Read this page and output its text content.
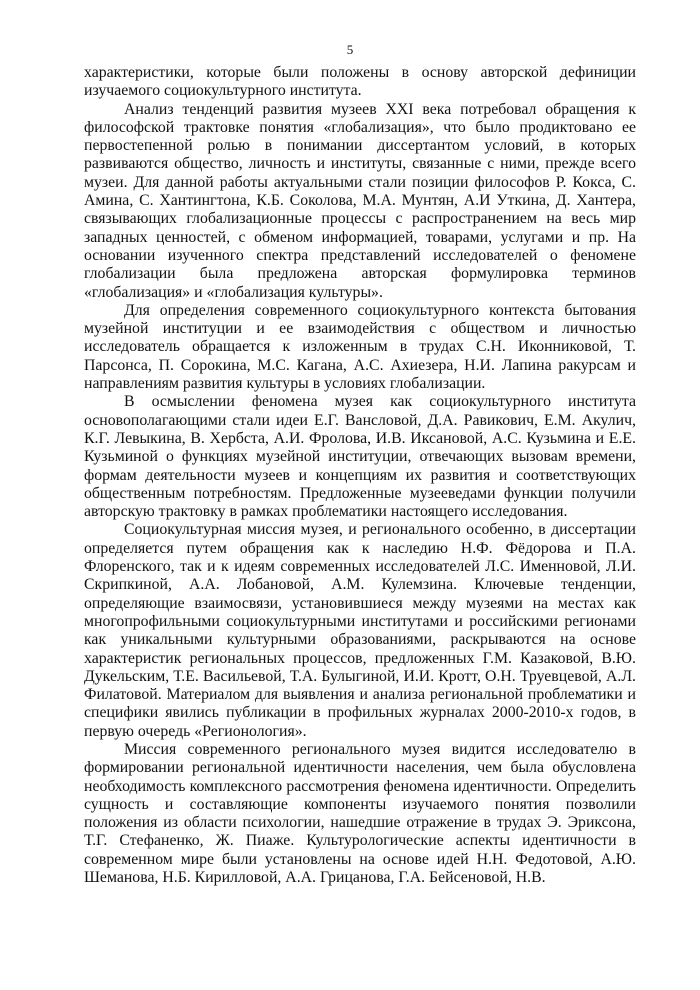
5

характеристики, которые были положены в основу авторской дефиниции изучаемого социокультурного института.

Анализ тенденций развития музеев XXI века потребовал обращения к философской трактовке понятия «глобализация», что было продиктовано ее первостепенной ролью в понимании диссертантом условий, в которых развиваются общество, личность и институты, связанные с ними, прежде всего музеи. Для данной работы актуальными стали позиции философов Р. Кокса, С. Амина, С. Хантингтона, К.Б. Соколова, М.А. Мунтян, А.И Уткина, Д. Хантера, связывающих глобализационные процессы с распространением на весь мир западных ценностей, с обменом информацией, товарами, услугами и пр. На основании изученного спектра представлений исследователей о феномене глобализации была предложена авторская формулировка терминов «глобализация» и «глобализация культуры».

Для определения современного социокультурного контекста бытования музейной институции и ее взаимодействия с обществом и личностью исследователь обращается к изложенным в трудах С.Н. Иконниковой, Т. Парсонса, П. Сорокина, М.С. Кагана, А.С. Ахиезера, Н.И. Лапина ракурсам и направлениям развития культуры в условиях глобализации.

В осмыслении феномена музея как социокультурного института основополагающими стали идеи Е.Г. Вансловой, Д.А. Равикович, Е.М. Акулич, К.Г. Левыкина, В. Хербста, А.И. Фролова, И.В. Иксановой, А.С. Кузьмина и Е.Е. Кузьминой о функциях музейной институции, отвечающих вызовам времени, формам деятельности музеев и концепциям их развития и соответствующих общественным потребностям. Предложенные музееведами функции получили авторскую трактовку в рамках проблематики настоящего исследования.

Социокультурная миссия музея, и регионального особенно, в диссертации определяется путем обращения как к наследию Н.Ф. Фёдорова и П.А. Флоренского, так и к идеям современных исследователей Л.С. Именновой, Л.И. Скрипкиной, А.А. Лобановой, А.М. Кулемзина. Ключевые тенденции, определяющие взаимосвязи, установившиеся между музеями на местах как многопрофильными социокультурными институтами и российскими регионами как уникальными культурными образованиями, раскрываются на основе характеристик региональных процессов, предложенных Г.М. Казаковой, В.Ю. Дукельским, Т.Е. Васильевой, Т.А. Булыгиной, И.И. Кротт, О.Н. Труевцевой, А.Л. Филатовой. Материалом для выявления и анализа региональной проблематики и специфики явились публикации в профильных журналах 2000-2010-х годов, в первую очередь «Регионология».

Миссия современного регионального музея видится исследователю в формировании региональной идентичности населения, чем была обусловлена необходимость комплексного рассмотрения феномена идентичности. Определить сущность и составляющие компоненты изучаемого понятия позволили положения из области психологии, нашедшие отражение в трудах Э. Эриксона, Т.Г. Стефаненко, Ж. Пиаже. Культурологические аспекты идентичности в современном мире были установлены на основе идей Н.Н. Федотовой, А.Ю. Шеманова, Н.Б. Кирилловой, А.А. Грицанова, Г.А. Бейсеновой, Н.В.
